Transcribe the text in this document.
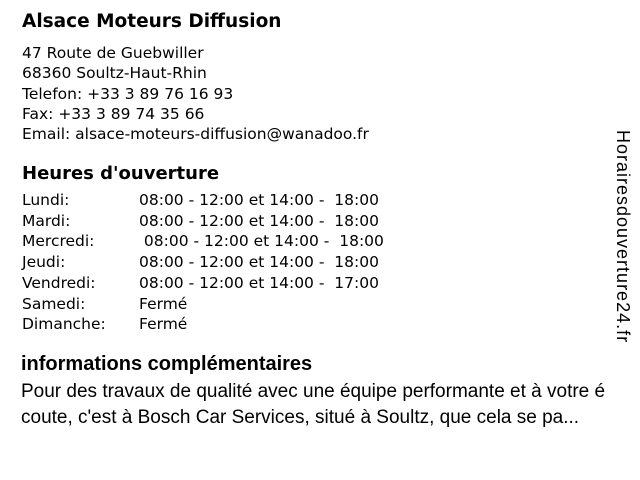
Alsace Moteurs Diffusion
47 Route de Guebwiller
68360 Soultz-Haut-Rhin
Telefon: +33 3 89 76 16 93
Fax: +33 3 89 74 35 66
Email: alsace-moteurs-diffusion@wanadoo.fr
Heures d'ouverture
Lundi:	08:00 - 12:00 et 14:00 -  18:00
Mardi:	08:00 - 12:00 et 14:00 -  18:00
Mercredi:	08:00 - 12:00 et 14:00 -  18:00
Jeudi:	08:00 - 12:00 et 14:00 -  18:00
Vendredi:	08:00 - 12:00 et 14:00 -  17:00
Samedi:	Fermé
Dimanche: Fermé
informations complémentaires
Pour des travaux de qualité avec une équipe performante et à votre é
coute, c'est à Bosch Car Services, situé à Soultz, que cela se pa...
Horairesdouverture24.fr
